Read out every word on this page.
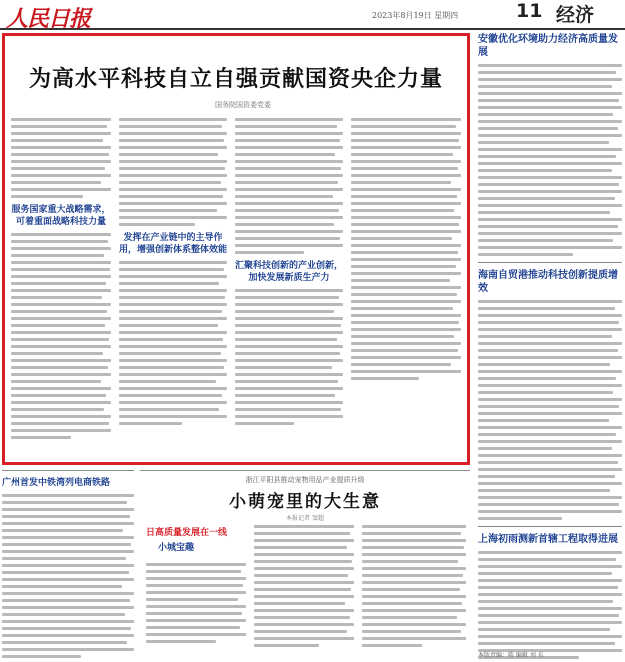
人民日报	2023年8月19日 星期四	11 经济
为高水平科技自立自强贡献国资央企力量
国务院国资委党委
服务国家重大战略需求，可着重面战略科技力量
发挥在产业链中的主导作用，增强创新体系整体效能
汇聚科技创新的产业创新，加快发展新质生产力
安徽优化环境助力经济高质量发展
海南自贸港推动科技创新提质增效
上海初雨测新首辖工程取得进展
广州首发中铁湾列电商铁路	浙江平阳县推动宠物用品产业提质升级
小萌宠里的大生意
本报记者 窦超
日高质量发展在一线
小城宝趣
本版责编：陈 编辑 刘 东
